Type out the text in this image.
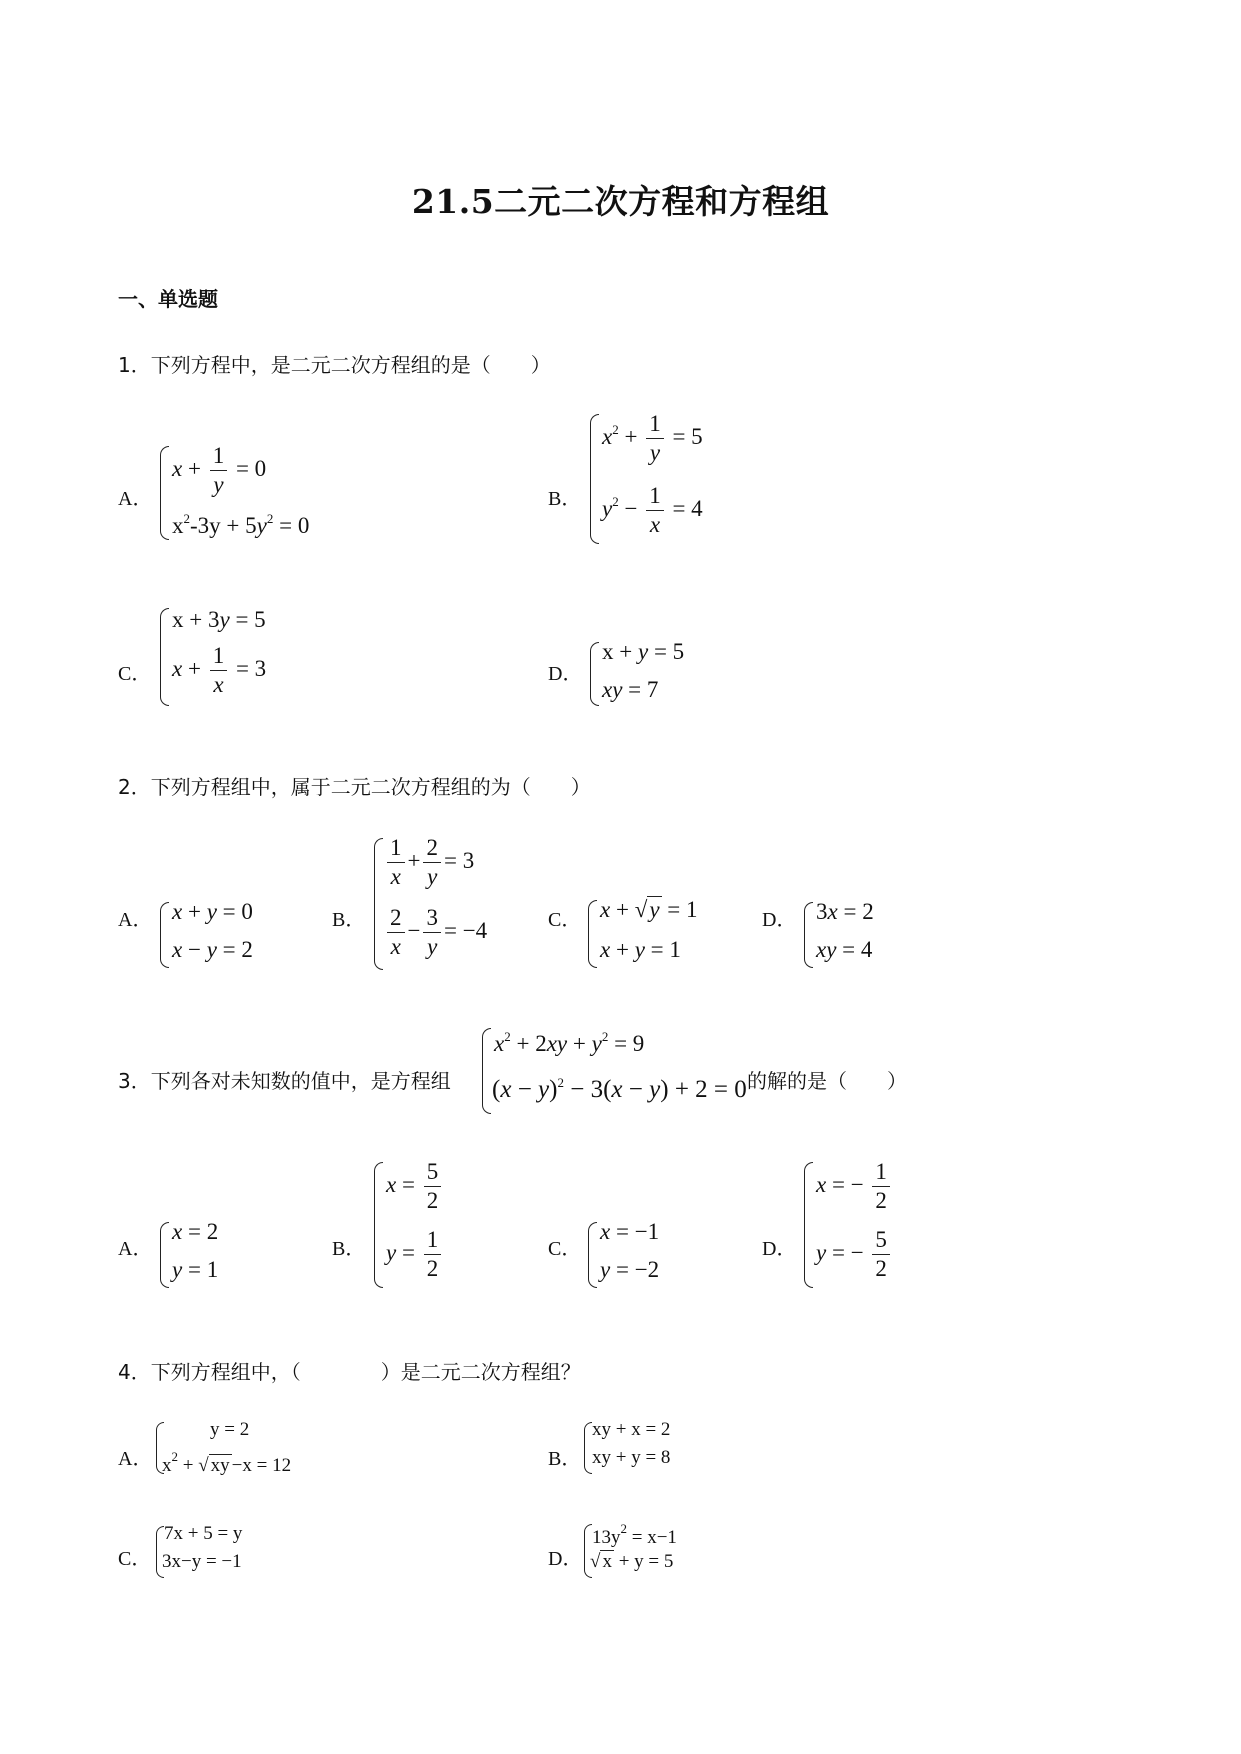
21.5二元二次方程和方程组
一、单选题
1．下列方程中，是二元二次方程组的是（　　）
A．
$x + \frac{1}{y} = 0$
$x^2-3y + 5y^2 = 0$
B．
$x^2 + \frac{1}{y} = 5$
$y^2 - \frac{1}{x} = 4$
C．
x + 3y = 5
$x + \frac{1}{x} = 3$	D．
x + y = 5
xy = 7
2．下列方程组中，属于二元二次方程组的为（　　）
A． x + y = 0
x − y = 2
B．
$\frac{1}{x} + \frac{2}{y} = 3$
$\frac{2}{x} - \frac{3}{y} = -4$	C． x + √y = 1
x + y = 1
D． 3x = 2
xy = 4
3．下列各对未知数的值中，是方程组
$x^2 + 2xy + y^2 = 9$
$(x - y)^2 - 3(x - y) + 2 = 0$ 的解的是（　　）
A．
x = 2
y = 1
B．
$x = \frac{5}{2}$
$y = \frac{1}{2}$	C．
x = −1
y = −2
D．
x = − $\frac{1}{2}$
y = − $\frac{5}{2}$
4．下列方程组中，（　　　　）是二元二次方程组？
A．
y = 2
$x^2$ + √ xy −x = 12	B．
xy + x = 2
xy + y = 8
C．
7x + 5 = y
3x−y = −1	D．
$13y^2 = x-1$
√ x + y = 5
